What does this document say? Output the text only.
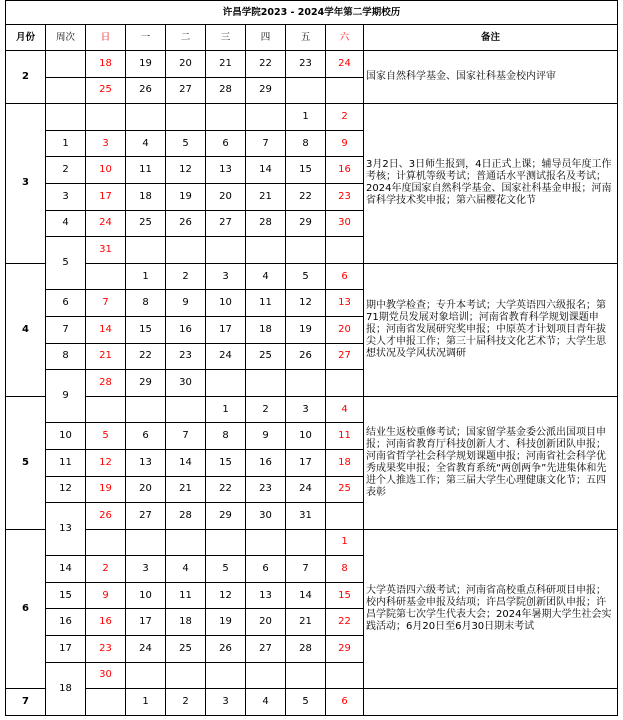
许昌学院2023 - 2024学年第二学期校历									
月份	周次	日	一	二	三	四	五	六	备注
2		18	19	20	21	22	23	24	国家自然科学基金、国家社科基金校内评审
		25	26	27	28	29			
3							1	2	3月2日、3日师生报到，4日正式上课；辅导员年度工作考核；计算机等级考试；普通话水平测试报名及考试；2024年度国家自然科学基金、国家社科基金申报；河南省科学技术奖申报；第六届樱花文化节
	1	3	4	5	6	7	8	9	
	2	10	11	12	13	14	15	16	
	3	17	18	19	20	21	22	23	
	4	24	25	26	27	28	29	30	
	5	31							
4			1	2	3	4	5	6	期中教学检查；专升本考试；大学英语四六级报名；第71期党员发展对象培训；河南省教育科学规划课题申报；河南省发展研究奖申报；中原英才计划项目青年拔尖人才申报工作；第三十届科技文化艺术节；大学生思想状况及学风状况调研
	6	7	8	9	10	11	12	13	
	7	14	15	16	17	18	19	20	
	8	21	22	23	24	25	26	27	
	9	28	29	30					
5					1	2	3	4	结业生返校重修考试；国家留学基金委公派出国项目申报；河南省教育厅科技创新人才、科技创新团队申报；河南省哲学社会科学规划课题申报；河南省社会科学优秀成果奖申报；全省教育系统“两创两争”先进集体和先进个人推选工作；第三届大学生心理健康文化节；五四表彰
	10	5	6	7	8	9	10	11	
	11	12	13	14	15	16	17	18	
	12	19	20	21	22	23	24	25	
	13	26	27	28	29	30	31		
6								1	大学英语四六级考试；河南省高校重点科研项目申报；校内科研基金申报及结项；许昌学院创新团队申报；许昌学院第七次学生代表大会；2024年暑期大学生社会实践活动；6月20日至6月30日期末考试
	14	2	3	4	5	6	7	8	
	15	9	10	11	12	13	14	15	
	16	16	17	18	19	20	21	22	
	17	23	24	25	26	27	28	29	
	18	30							
7			1	2	3	4	5	6	
